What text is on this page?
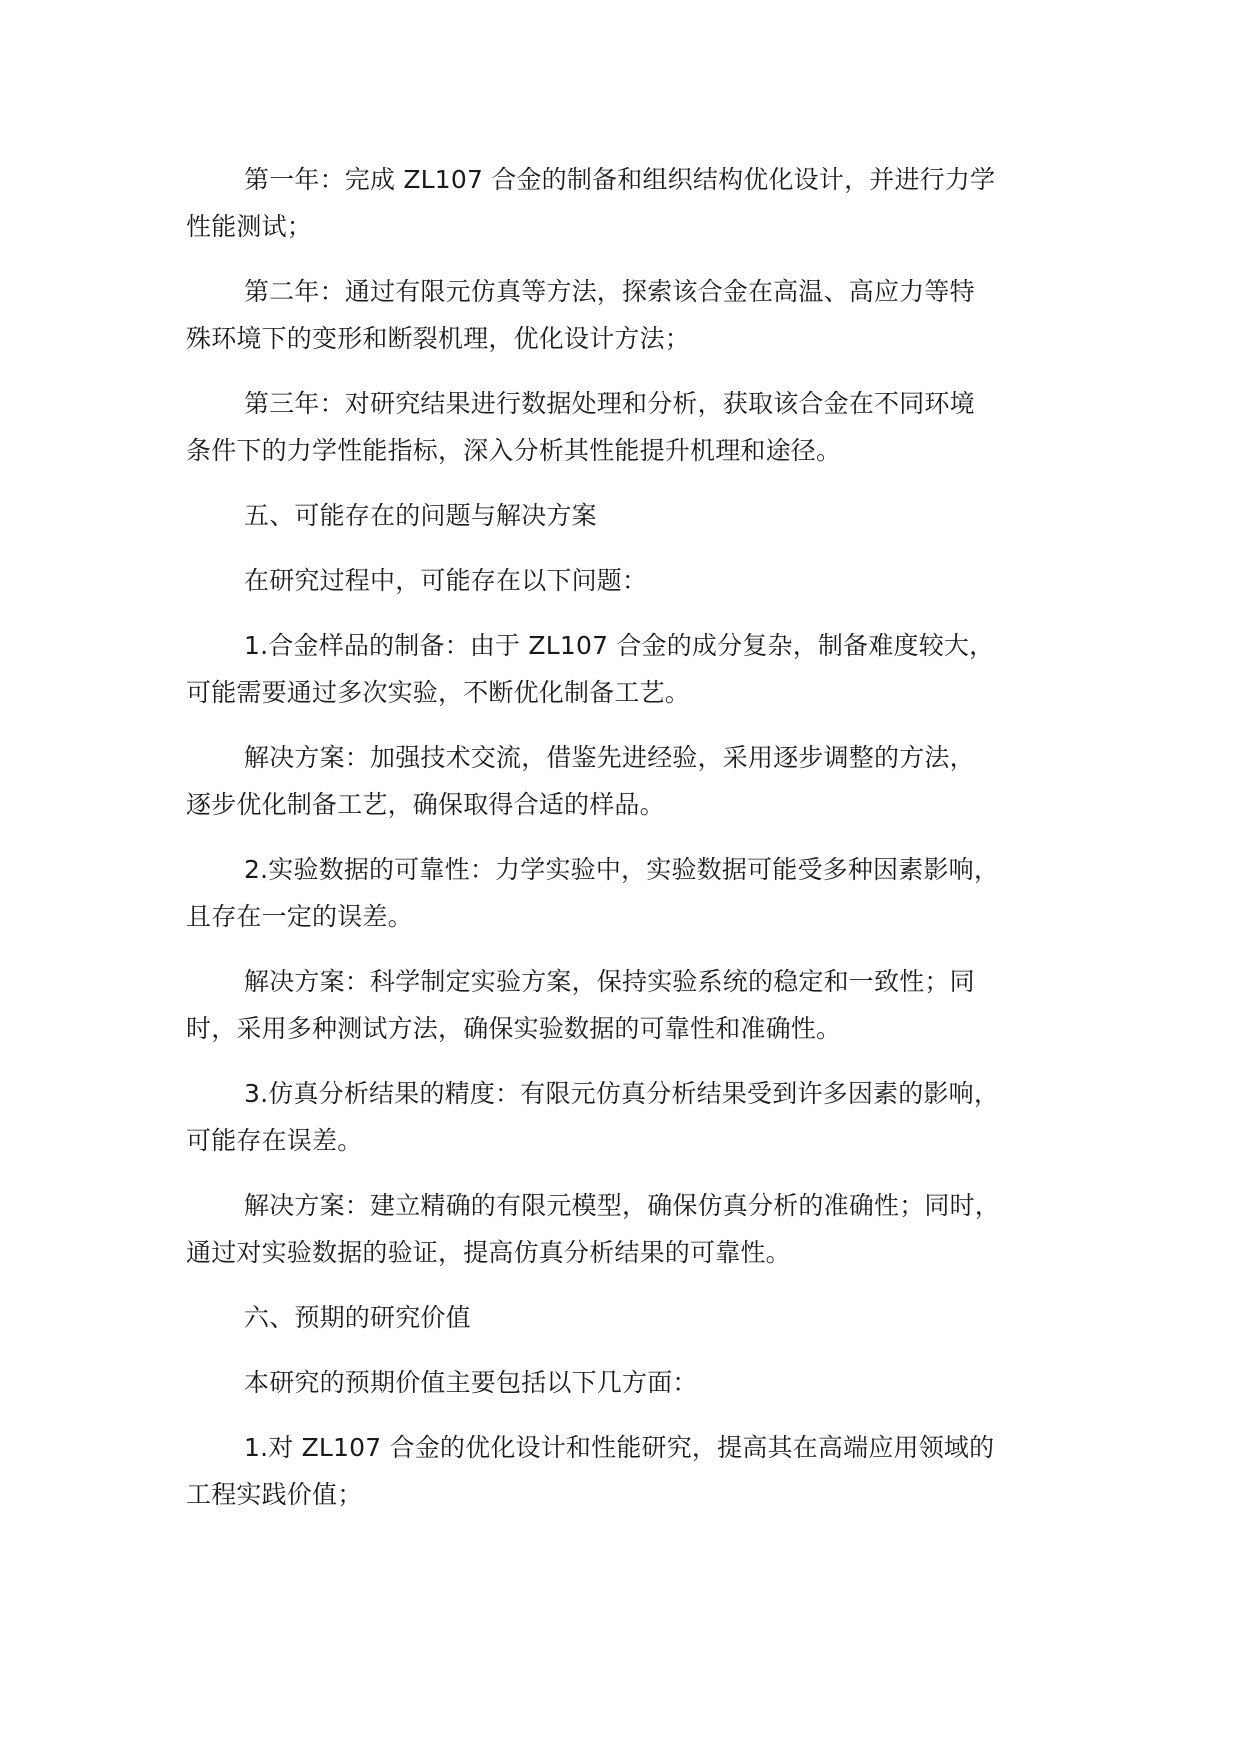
第一年：完成 ZL107 合金的制备和组织结构优化设计，并进行力学
性能测试；

第二年：通过有限元仿真等方法，探索该合金在高温、高应力等特
殊环境下的变形和断裂机理，优化设计方法；

第三年：对研究结果进行数据处理和分析，获取该合金在不同环境
条件下的力学性能指标，深入分析其性能提升机理和途径。

五、可能存在的问题与解决方案

在研究过程中，可能存在以下问题：

1.合金样品的制备：由于 ZL107 合金的成分复杂，制备难度较大，
可能需要通过多次实验，不断优化制备工艺。

解决方案：加强技术交流，借鉴先进经验，采用逐步调整的方法，
逐步优化制备工艺，确保取得合适的样品。

2.实验数据的可靠性：力学实验中，实验数据可能受多种因素影响，
且存在一定的误差。

解决方案：科学制定实验方案，保持实验系统的稳定和一致性；同
时，采用多种测试方法，确保实验数据的可靠性和准确性。

3.仿真分析结果的精度：有限元仿真分析结果受到许多因素的影响，
可能存在误差。

解决方案：建立精确的有限元模型，确保仿真分析的准确性；同时，
通过对实验数据的验证，提高仿真分析结果的可靠性。

六、预期的研究价值

本研究的预期价值主要包括以下几方面：

1.对 ZL107 合金的优化设计和性能研究，提高其在高端应用领域的
工程实践价值；
